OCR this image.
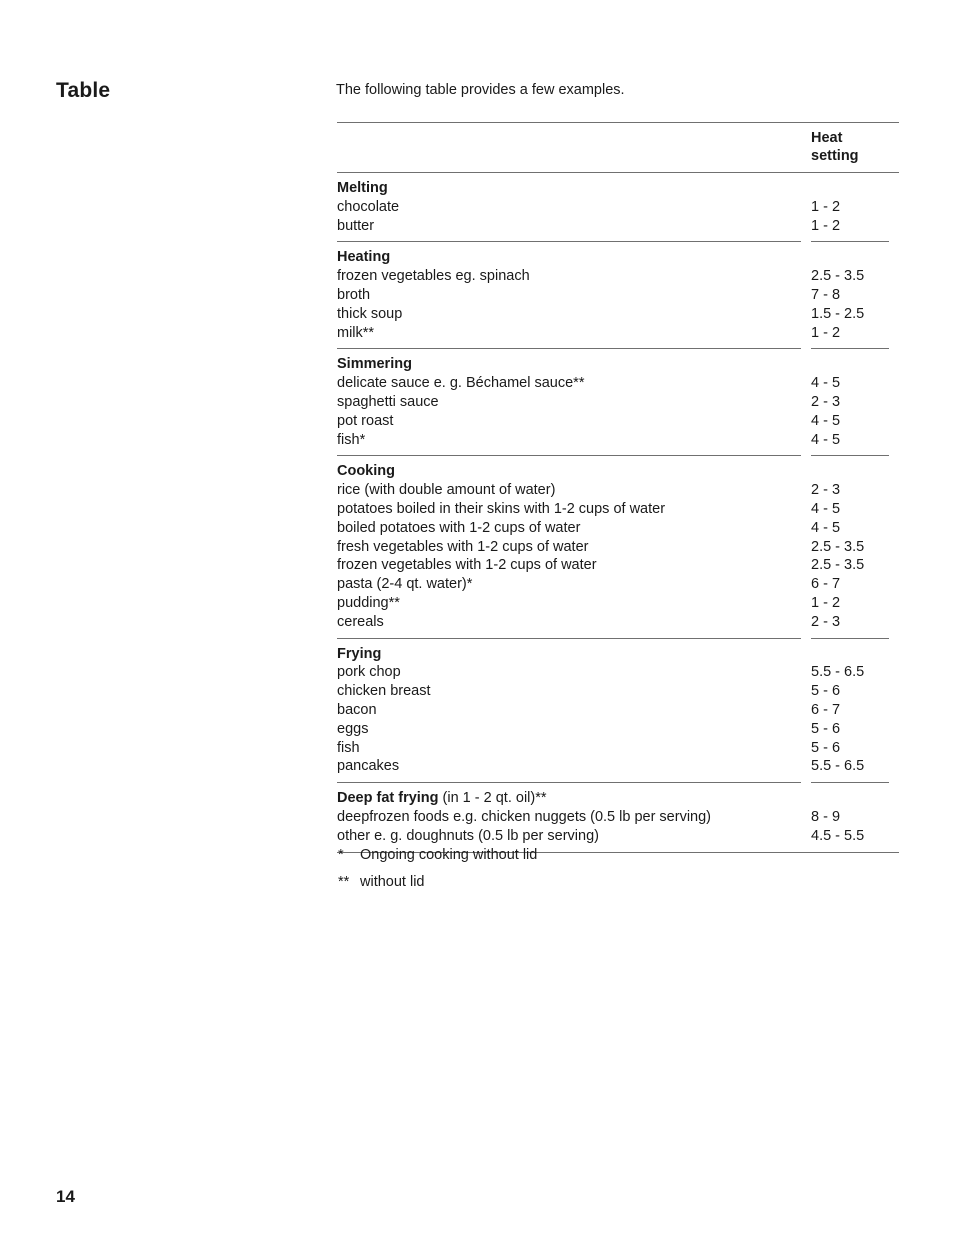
Table	The following table provides a few examples.

Heat
setting
Melting
chocolate	1 - 2
butter	1 - 2
Heating
frozen vegetables eg. spinach	2.5 - 3.5
broth	7 - 8
thick soup	1.5 - 2.5
milk**	1 - 2
Simmering
delicate sauce e. g. Béchamel sauce**	4 - 5
spaghetti sauce	2 - 3
pot roast	4 - 5
fish*	4 - 5
Cooking
rice (with double amount of water)	2 - 3
potatoes boiled in their skins with 1-2 cups of water	4 - 5
boiled potatoes with 1-2 cups of water	4 - 5
fresh vegetables with 1-2 cups of water	2.5 - 3.5
frozen vegetables with 1-2 cups of water	2.5 - 3.5
pasta (2-4 qt. water)*	6 - 7
pudding**	1 - 2
cereals	2 - 3
Frying
pork chop	5.5 - 6.5
chicken breast	5 - 6
bacon	6 - 7
eggs	5 - 6
fish	5 - 6
pancakes	5.5 - 6.5
Deep fat frying (in 1 - 2 qt. oil)**
deepfrozen foods e.g. chicken nuggets (0.5 lb per serving)	8 - 9
other e. g. doughnuts (0.5 lb per serving)	4.5 - 5.5
*	Ongoing cooking without lid
** without lid

14
